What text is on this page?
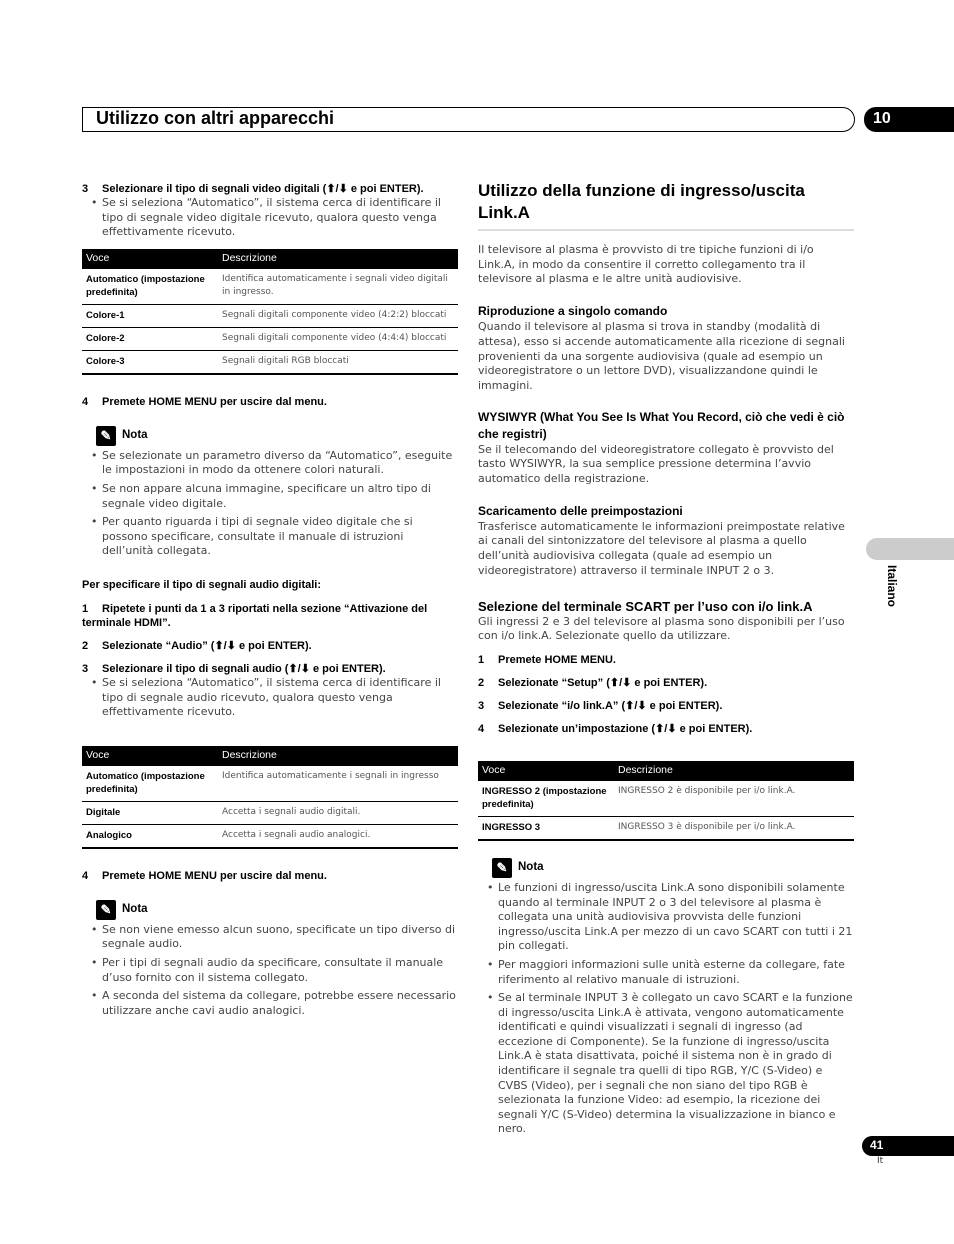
Utilizzo con altri apparecchi	10
3 Selezionare il tipo di segnali video digitali (⬆/⬇ e poi ENTER).
• Se si seleziona “Automatico”, il sistema cerca di identificare il tipo di segnale video digitale ricevuto, qualora questo venga effettivamente ricevuto.
Voce	Descrizione
Automatico (impostazione predefinita)	Identifica automaticamente i segnali video digitali in ingresso.
Colore-1	Segnali digitali componente video (4:2:2) bloccati
Colore-2	Segnali digitali componente video (4:4:4) bloccati
Colore-3	Segnali digitali RGB bloccati
4 Premete HOME MENU per uscire dal menu.
✎ Nota
• Se selezionate un parametro diverso da “Automatico”, eseguite le impostazioni in modo da ottenere colori naturali.
• Se non appare alcuna immagine, specificare un altro tipo di segnale video digitale.
• Per quanto riguarda i tipi di segnale video digitale che si possono specificare, consultate il manuale di istruzioni dell’unità collegata.
Per specificare il tipo di segnali audio digitali:
1 Ripetete i punti da 1 a 3 riportati nella sezione “Attivazione del terminale HDMI”.
2 Selezionate “Audio” (⬆/⬇ e poi ENTER).
3 Selezionare il tipo di segnali audio (⬆/⬇ e poi ENTER).
• Se si seleziona “Automatico”, il sistema cerca di identificare il tipo di segnale audio ricevuto, qualora questo venga effettivamente ricevuto.
Voce	Descrizione
Automatico (impostazione predefinita)	Identifica automaticamente i segnali in ingresso
Digitale	Accetta i segnali audio digitali.
Analogico	Accetta i segnali audio analogici.
4 Premete HOME MENU per uscire dal menu.
✎ Nota
• Se non viene emesso alcun suono, specificate un tipo diverso di segnale audio.
• Per i tipi di segnali audio da specificare, consultate il manuale d’uso fornito con il sistema collegato.
• A seconda del sistema da collegare, potrebbe essere necessario utilizzare anche cavi audio analogici.
Utilizzo della funzione di ingresso/uscita Link.A
Il televisore al plasma è provvisto di tre tipiche funzioni di i/o Link.A, in modo da consentire il corretto collegamento tra il televisore al plasma e le altre unità audiovisive.
Riproduzione a singolo comando
Quando il televisore al plasma si trova in standby (modalità di attesa), esso si accende automaticamente alla ricezione di segnali provenienti da una sorgente audiovisiva (quale ad esempio un videoregistratore o un lettore DVD), visualizzandone quindi le immagini.
WYSIWYR (What You See Is What You Record, ciò che vedi è ciò che registri)
Se il telecomando del videoregistratore collegato è provvisto del tasto WYSIWYR, la sua semplice pressione determina l’avvio automatico della registrazione.
Scaricamento delle preimpostazioni
Trasferisce automaticamente le informazioni preimpostate relative ai canali del sintonizzatore del televisore al plasma a quello dell’unità audiovisiva collegata (quale ad esempio un videoregistratore) attraverso il terminale INPUT 2 o 3.
Selezione del terminale SCART per l’uso con i/o link.A
Gli ingressi 2 e 3 del televisore al plasma sono disponibili per l’uso con i/o link.A. Selezionate quello da utilizzare.
1 Premete HOME MENU.
2 Selezionate “Setup” (⬆/⬇ e poi ENTER).
3 Selezionate “i/o link.A” (⬆/⬇ e poi ENTER).
4 Selezionate un’impostazione (⬆/⬇ e poi ENTER).
Voce	Descrizione
INGRESSO 2 (impostazione predefinita)	INGRESSO 2 è disponibile per i/o link.A.
INGRESSO 3	INGRESSO 3 è disponibile per i/o link.A.
✎ Nota
• Le funzioni di ingresso/uscita Link.A sono disponibili solamente quando al terminale INPUT 2 o 3 del televisore al plasma è collegata una unità audiovisiva provvista delle funzioni ingresso/uscita Link.A per mezzo di un cavo SCART con tutti i 21 pin collegati.
• Per maggiori informazioni sulle unità esterne da collegare, fate riferimento al relativo manuale di istruzioni.
• Se al terminale INPUT 3 è collegato un cavo SCART e la funzione di ingresso/uscita Link.A è attivata, vengono automaticamente identificati e quindi visualizzati i segnali di ingresso (ad eccezione di Componente). Se la funzione di ingresso/uscita Link.A è stata disattivata, poiché il sistema non è in grado di identificare il segnale tra quelli di tipo RGB, Y/C (S-Video) e CVBS (Video), per i segnali che non siano del tipo RGB è selezionata la funzione Video: ad esempio, la ricezione dei segnali Y/C (S-Video) determina la visualizzazione in bianco e nero.
Italiano
41
It
